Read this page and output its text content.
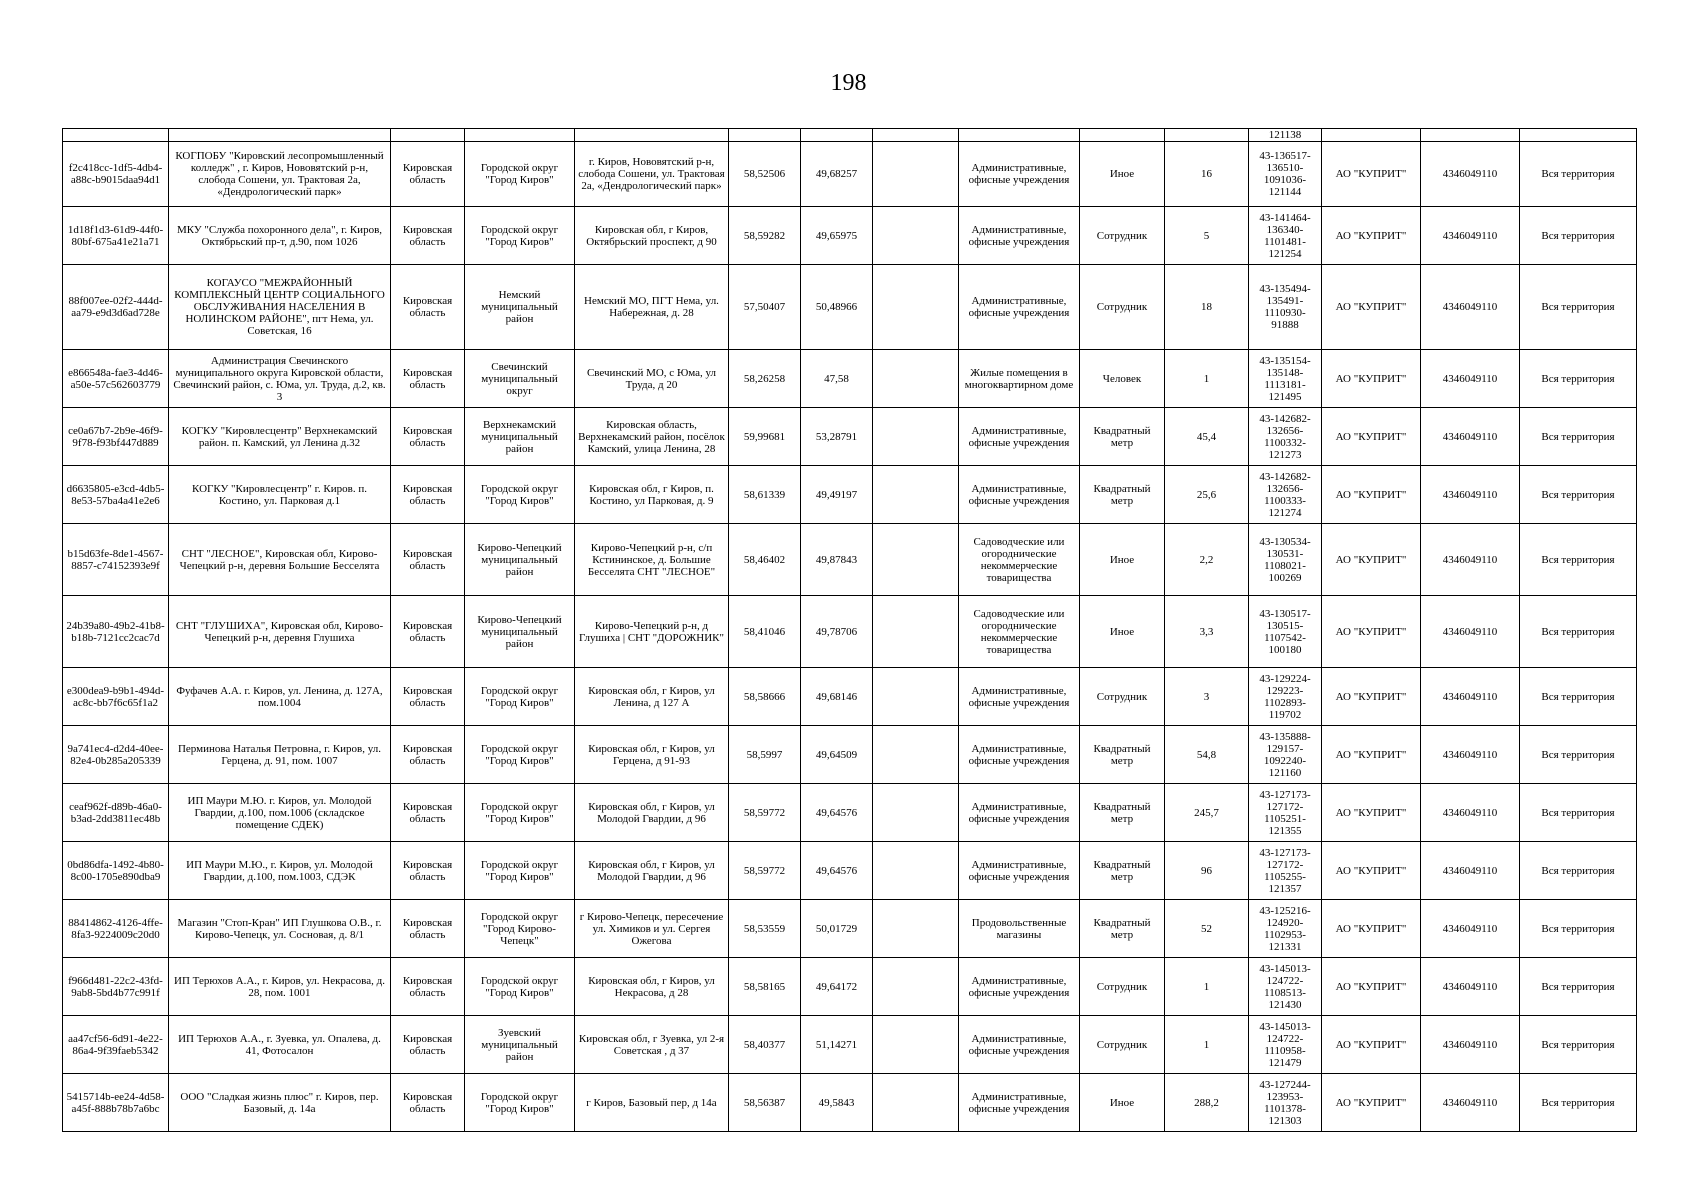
198
											121138			
f2c418cc-1df5-4db4-a88c-b9015daa94d1	КОГПОБУ "Кировский лесопромышленный колледж" , г. Киров, Нововятский р-н, слобода Сошени, ул. Трактовая 2а, «Дендрологический парк»	Кировская область	Городской округ "Город Киров"	г. Киров, Нововятский р-н, слобода Сошени, ул. Трактовая 2а, «Дендрологический парк»	58,52506	49,68257		Административные, офисные учреждения	Иное	16	43-136517-136510-1091036-121144	АО "КУПРИТ"	4346049110	Вся территория
1d18f1d3-61d9-44f0-80bf-675a41e21a71	МКУ "Служба похоронного дела", г. Киров, Октябрьский пр-т, д.90, пом 1026	Кировская область	Городской округ "Город Киров"	Кировская обл, г Киров, Октябрьский проспект, д 90	58,59282	49,65975		Административные, офисные учреждения	Сотрудник	5	43-141464-136340-1101481-121254	АО "КУПРИТ"	4346049110	Вся территория
88f007ee-02f2-444d-aa79-e9d3d6ad728e	КОГАУСО "МЕЖРАЙОННЫЙ КОМПЛЕКСНЫЙ ЦЕНТР СОЦИАЛЬНОГО ОБСЛУЖИВАНИЯ НАСЕЛЕНИЯ В НОЛИНСКОМ РАЙОНЕ", пгт Нема, ул. Советская, 16	Кировская область	Немский муниципальный район	Немский МО, ПГТ Нема, ул. Набережная, д. 28	57,50407	50,48966		Административные, офисные учреждения	Сотрудник	18	43-135494-135491-1110930-91888	АО "КУПРИТ"	4346049110	Вся территория
e866548a-fae3-4d46-a50e-57c562603779	Администрация Свечинского муниципального округа Кировской области, Свечинский район, с. Юма, ул. Труда, д.2, кв. 3	Кировская область	Свечинский муниципальный округ	Свечинский МО, с Юма, ул Труда, д 20	58,26258	47,58		Жилые помещения в многоквартирном доме	Человек	1	43-135154-135148-1113181-121495	АО "КУПРИТ"	4346049110	Вся территория
ce0a67b7-2b9e-46f9-9f78-f93bf447d889	КОГКУ "Кировлесцентр" Верхнекамский район. п. Камский, ул Ленина д.32	Кировская область	Верхнекамский муниципальный район	Кировская область, Верхнекамский район, посёлок Камский, улица Ленина, 28	59,99681	53,28791		Административные, офисные учреждения	Квадратный метр	45,4	43-142682-132656-1100332-121273	АО "КУПРИТ"	4346049110	Вся территория
d6635805-e3cd-4db5-8e53-57ba4a41e2e6	КОГКУ "Кировлесцентр" г. Киров. п. Костино, ул. Парковая д.1	Кировская область	Городской округ "Город Киров"	Кировская обл, г Киров, п. Костино, ул Парковая, д. 9	58,61339	49,49197		Административные, офисные учреждения	Квадратный метр	25,6	43-142682-132656-1100333-121274	АО "КУПРИТ"	4346049110	Вся территория
b15d63fe-8de1-4567-8857-c74152393e9f	СНТ "ЛЕСНОЕ", Кировская обл, Кирово-Чепецкий р-н, деревня Большие Бесселята	Кировская область	Кирово-Чепецкий муниципальный район	Кирово-Чепецкий р-н, с/п Кстининское, д. Большие Бесселята СНТ "ЛЕСНОЕ"	58,46402	49,87843		Садоводческие или огороднические некоммерческие товарищества	Иное	2,2	43-130534-130531-1108021-100269	АО "КУПРИТ"	4346049110	Вся территория
24b39a80-49b2-41b8-b18b-7121cc2cac7d	СНТ "ГЛУШИХА", Кировская обл, Кирово-Чепецкий р-н, деревня Глушиха	Кировская область	Кирово-Чепецкий муниципальный район	Кирово-Чепецкий р-н, д Глушиха | СНТ "ДОРОЖНИК"	58,41046	49,78706		Садоводческие или огороднические некоммерческие товарищества	Иное	3,3	43-130517-130515-1107542-100180	АО "КУПРИТ"	4346049110	Вся территория
e300dea9-b9b1-494d-ac8c-bb7f6c65f1a2	Фуфачев А.А. г. Киров, ул. Ленина, д. 127А, пом.1004	Кировская область	Городской округ "Город Киров"	Кировская обл, г Киров, ул Ленина, д 127 А	58,58666	49,68146		Административные, офисные учреждения	Сотрудник	3	43-129224-129223-1102893-119702	АО "КУПРИТ"	4346049110	Вся территория
9a741ec4-d2d4-40ee-82e4-0b285a205339	Перминова Наталья Петровна, г. Киров, ул. Герцена, д. 91, пом. 1007	Кировская область	Городской округ "Город Киров"	Кировская обл, г Киров, ул Герцена, д 91-93	58,5997	49,64509		Административные, офисные учреждения	Квадратный метр	54,8	43-135888-129157-1092240-121160	АО "КУПРИТ"	4346049110	Вся территория
ceaf962f-d89b-46a0-b3ad-2dd3811ec48b	ИП Маури М.Ю. г. Киров, ул. Молодой Гвардии, д.100, пом.1006 (складское помещение СДЕК)	Кировская область	Городской округ "Город Киров"	Кировская обл, г Киров, ул Молодой Гвардии, д 96	58,59772	49,64576		Административные, офисные учреждения	Квадратный метр	245,7	43-127173-127172-1105251-121355	АО "КУПРИТ"	4346049110	Вся территория
0bd86dfa-1492-4b80-8c00-1705e890dba9	ИП Маури М.Ю., г. Киров, ул. Молодой Гвардии, д.100, пом.1003, СДЭК	Кировская область	Городской округ "Город Киров"	Кировская обл, г Киров, ул Молодой Гвардии, д 96	58,59772	49,64576		Административные, офисные учреждения	Квадратный метр	96	43-127173-127172-1105255-121357	АО "КУПРИТ"	4346049110	Вся территория
88414862-4126-4ffe-8fa3-9224009c20d0	Магазин "Стоп-Кран" ИП Глушкова О.В., г. Кирово-Чепецк, ул. Сосновая, д. 8/1	Кировская область	Городской округ "Город Кирово-Чепецк"	г Кирово-Чепецк, пересечение ул. Химиков и ул. Сергея Ожегова	58,53559	50,01729		Продовольственные магазины	Квадратный метр	52	43-125216-124920-1102953-121331	АО "КУПРИТ"	4346049110	Вся территория
f966d481-22c2-43fd-9ab8-5bd4b77c991f	ИП Терюхов А.А., г. Киров, ул. Некрасова, д. 28, пом. 1001	Кировская область	Городской округ "Город Киров"	Кировская обл, г Киров, ул Некрасова, д 28	58,58165	49,64172		Административные, офисные учреждения	Сотрудник	1	43-145013-124722-1108513-121430	АО "КУПРИТ"	4346049110	Вся территория
aa47cf56-6d91-4e22-86a4-9f39faeb5342	ИП Терюхов А.А., г. Зуевка, ул. Опалева, д. 41, Фотосалон	Кировская область	Зуевский муниципальный район	Кировская обл, г Зуевка, ул 2-я Советская , д 37	58,40377	51,14271		Административные, офисные учреждения	Сотрудник	1	43-145013-124722-1110958-121479	АО "КУПРИТ"	4346049110	Вся территория
5415714b-ee24-4d58-a45f-888b78b7a6bc	ООО "Сладкая жизнь плюс" г. Киров, пер. Базовый, д. 14а	Кировская область	Городской округ "Город Киров"	г Киров, Базовый пер, д 14а	58,56387	49,5843		Административные, офисные учреждения	Иное	288,2	43-127244-123953-1101378-121303	АО "КУПРИТ"	4346049110	Вся территория
